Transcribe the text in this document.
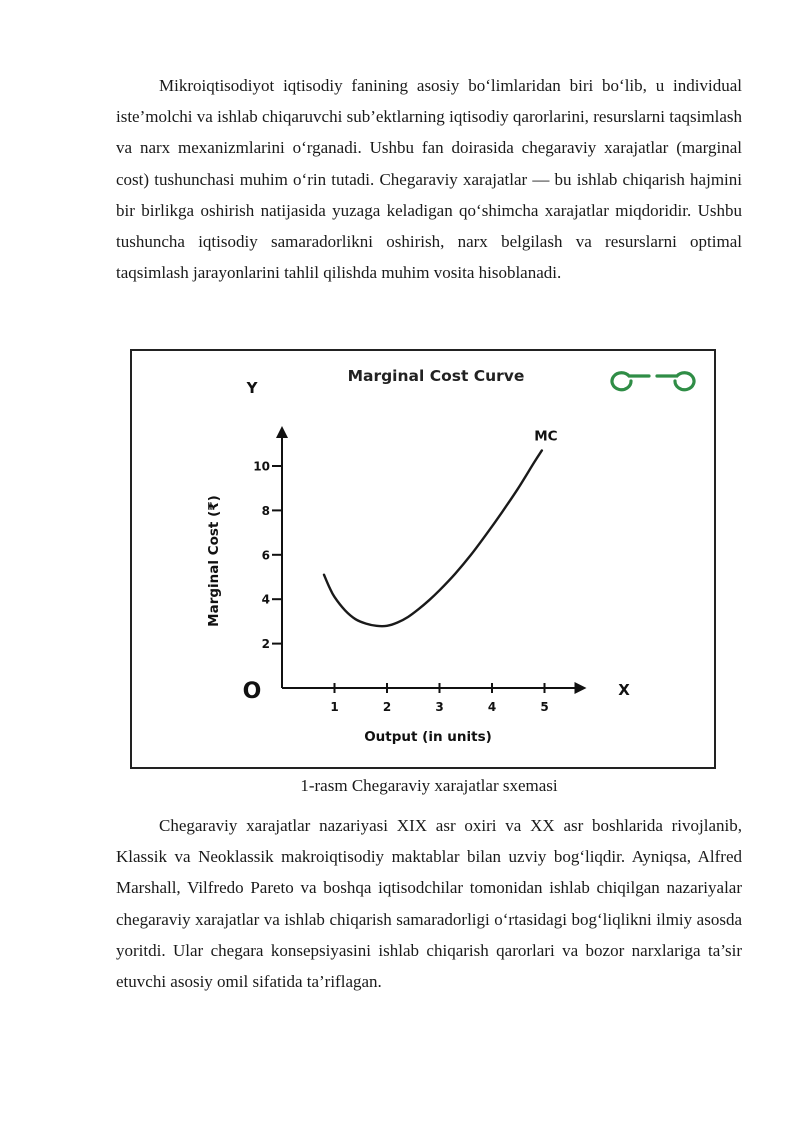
Mikroiqtisodiyot iqtisodiy fanining asosiy bo‘limlaridan biri bo‘lib, u individual iste’molchi va ishlab chiqaruvchi sub’ektlarning iqtisodiy qarorlarini, resurslarni taqsimlash va narx mexanizmlarini o‘rganadi. Ushbu fan doirasida chegaraviy xarajatlar (marginal cost) tushunchasi muhim o‘rin tutadi. Chegaraviy xarajatlar — bu ishlab chiqarish hajmini bir birlikga oshirish natijasida yuzaga keladigan qo‘shimcha xarajatlar miqdoridir. Ushbu tushuncha iqtisodiy samaradorlikni oshirish, narx belgilash va resurslarni optimal taqsimlash jarayonlarini tahlil qilishda muhim vosita hisoblanadi.

Marginal Cost Curve
1	2	3	4	5
2
4
6
8
10
MC
Y
X
O
Output (in units)
Marginal Cost (₹)
1-rasm Chegaraviy xarajatlar sxemasi

Chegaraviy xarajatlar nazariyasi XIX asr oxiri va XX asr boshlarida rivojlanib, Klassik va Neoklassik makroiqtisodiy maktablar bilan uzviy bog‘liqdir. Ayniqsa, Alfred Marshall, Vilfredo Pareto va boshqa iqtisodchilar tomonidan ishlab chiqilgan nazariyalar chegaraviy xarajatlar va ishlab chiqarish samaradorligi o‘rtasidagi bog‘liqlikni ilmiy asosda yoritdi. Ular chegara konsepsiyasini ishlab chiqarish qarorlari va bozor narxlariga ta’sir etuvchi asosiy omil sifatida ta’riflagan.
